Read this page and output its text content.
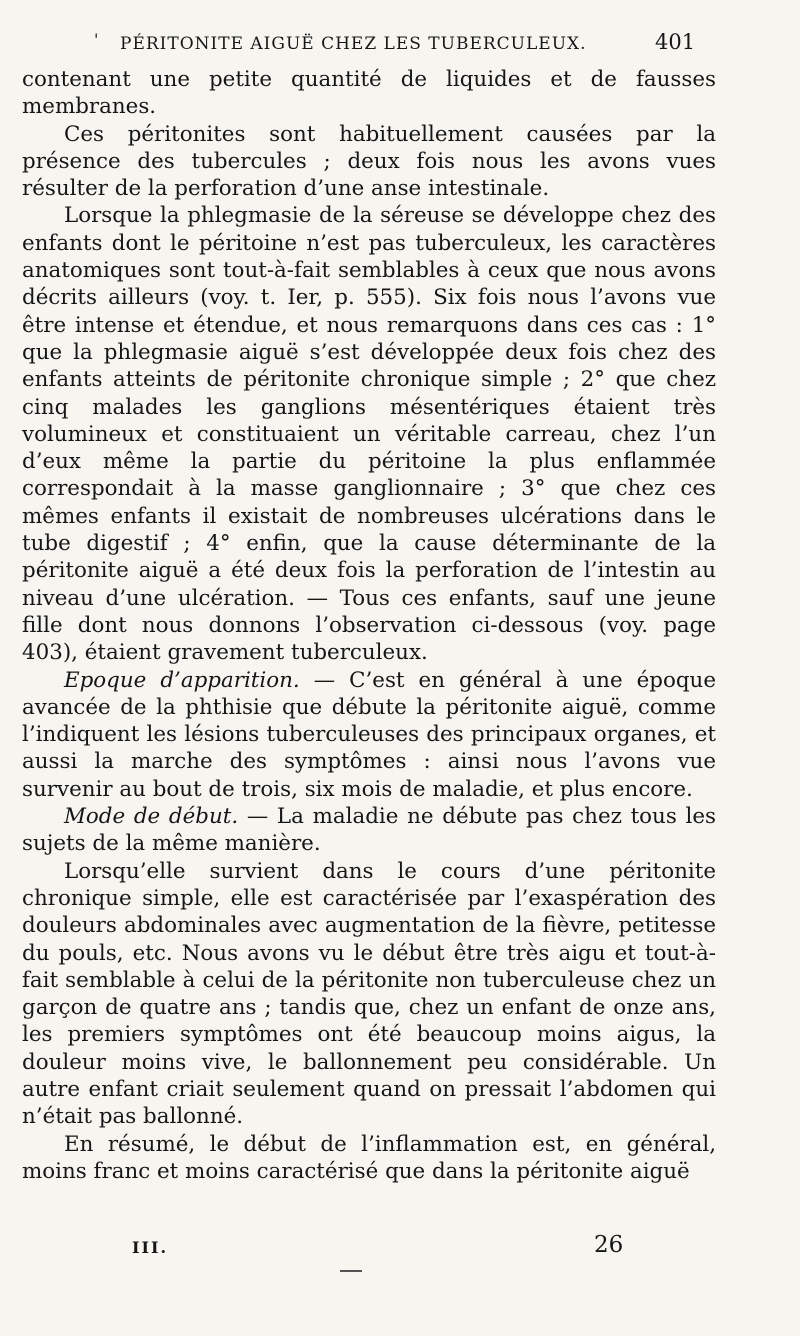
' PÉRITONITE AIGUË CHEZ LES TUBERCULEUX.	401

contenant une petite quantité de liquides et de fausses membranes.

Ces péritonites sont habituellement causées par la présence des tubercules ; deux fois nous les avons vues résulter de la perforation d’une anse intestinale.

Lorsque la phlegmasie de la séreuse se développe chez des enfants dont le péritoine n’est pas tuberculeux, les caractères anatomiques sont tout-à-fait semblables à ceux que nous avons décrits ailleurs (voy. t. Ier, p. 555). Six fois nous l’avons vue être intense et étendue, et nous remarquons dans ces cas : 1° que la phlegmasie aiguë s’est développée deux fois chez des enfants atteints de péritonite chronique simple ; 2° que chez cinq malades les ganglions mésentériques étaient très volumineux et constituaient un véritable carreau, chez l’un d’eux même la partie du péritoine la plus enflammée correspondait à la masse ganglionnaire ; 3° que chez ces mêmes enfants il existait de nombreuses ulcérations dans le tube digestif ; 4° enfin, que la cause déterminante de la péritonite aiguë a été deux fois la perforation de l’intestin au niveau d’une ulcération. — Tous ces enfants, sauf une jeune fille dont nous donnons l’observation ci-dessous (voy. page 403), étaient gravement tuberculeux.

Epoque d’apparition. — C’est en général à une époque avancée de la phthisie que débute la péritonite aiguë, comme l’indiquent les lésions tuberculeuses des principaux organes, et aussi la marche des symptômes : ainsi nous l’avons vue survenir au bout de trois, six mois de maladie, et plus encore.

Mode de début. — La maladie ne débute pas chez tous les sujets de la même manière.

Lorsqu’elle survient dans le cours d’une péritonite chronique simple, elle est caractérisée par l’exaspération des douleurs abdominales avec augmentation de la fièvre, petitesse du pouls, etc. Nous avons vu le début être très aigu et tout-à-fait semblable à celui de la péritonite non tuberculeuse chez un garçon de quatre ans ; tandis que, chez un enfant de onze ans, les premiers symptômes ont été beaucoup moins aigus, la douleur moins vive, le ballonnement peu considérable. Un autre enfant criait seulement quand on pressait l’abdomen qui n’était pas ballonné.

En résumé, le début de l’inflammation est, en général, moins franc et moins caractérisé que dans la péritonite aiguë

III.	26
